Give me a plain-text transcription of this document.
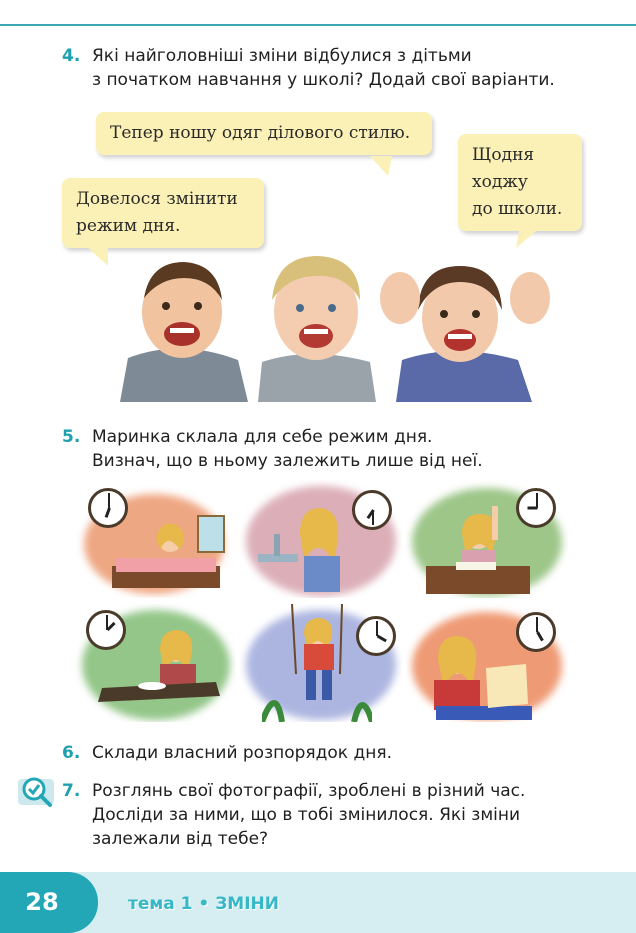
4. Які найголовніші зміни відбулися з дітьми
з початком навчання у школі? Додай свої варіанти.
Тепер ношу одяг ділового стилю.
Довелося змінити
режим дня.
Щодня
ходжу
до школи.
5. Маринка склала для себе режим дня.
Визнач, що в ньому залежить лише від неї.
6. Склади власний розпорядок дня.
7. Розглянь свої фотографії, зроблені в різний час.
Досліди за ними, що в тобі змінилося. Які зміни
залежали від тебе?
28	тема 1 • ЗМІНИ
